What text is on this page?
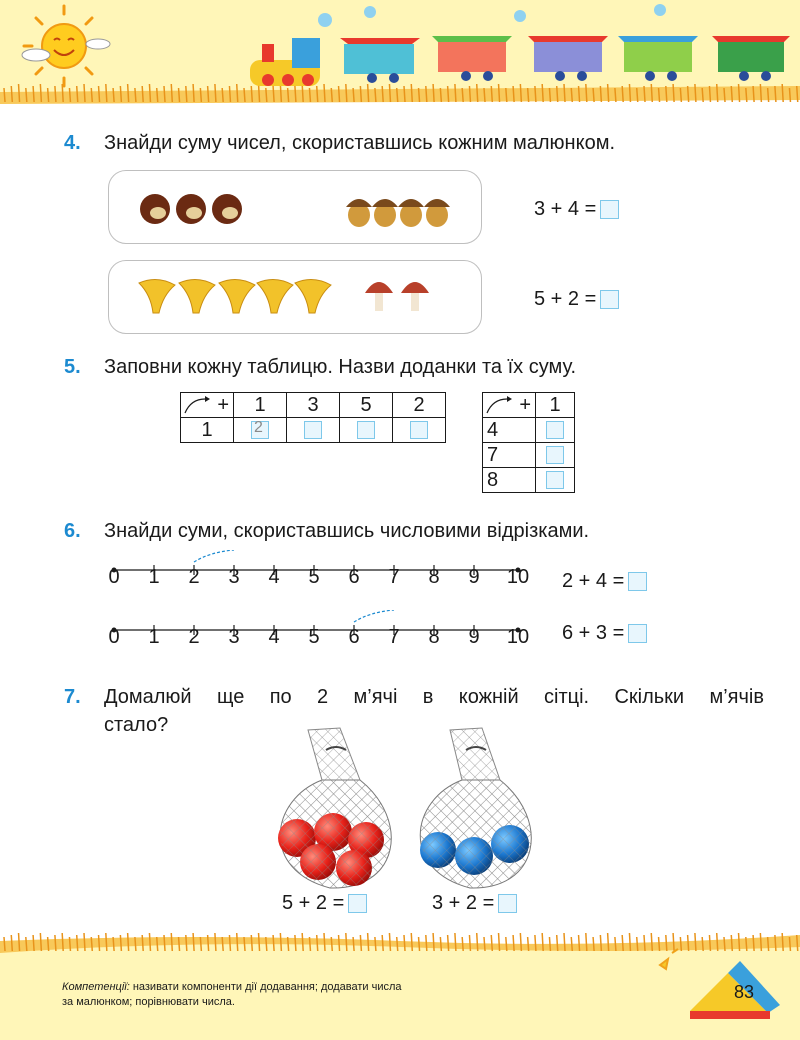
4. Знайди суму чисел, скориставшись кожним малюнком.
3 + 4 =
5 + 2 =
5. Заповни кожну таблицю. Назви доданки та їх суму.
+	1	3	5	2
1	2			

+	1
4	
7	
8	
6. Знайди суми, скориставшись числовими відрізками.
0	1	2	3	4	5	6	7	8	9	10
0	1	2	3	4	5	6	7	8	9	10
2 + 4 =
6 + 3 =
7. Домалюй ще по 2 м’ячі в кожній сітці. Скільки м’ячів
стало?
5 + 2 =	3 + 2 =
83
Компетенції: називати компоненти дії додавання; додавати числа
за малюнком; порівнювати числа.
